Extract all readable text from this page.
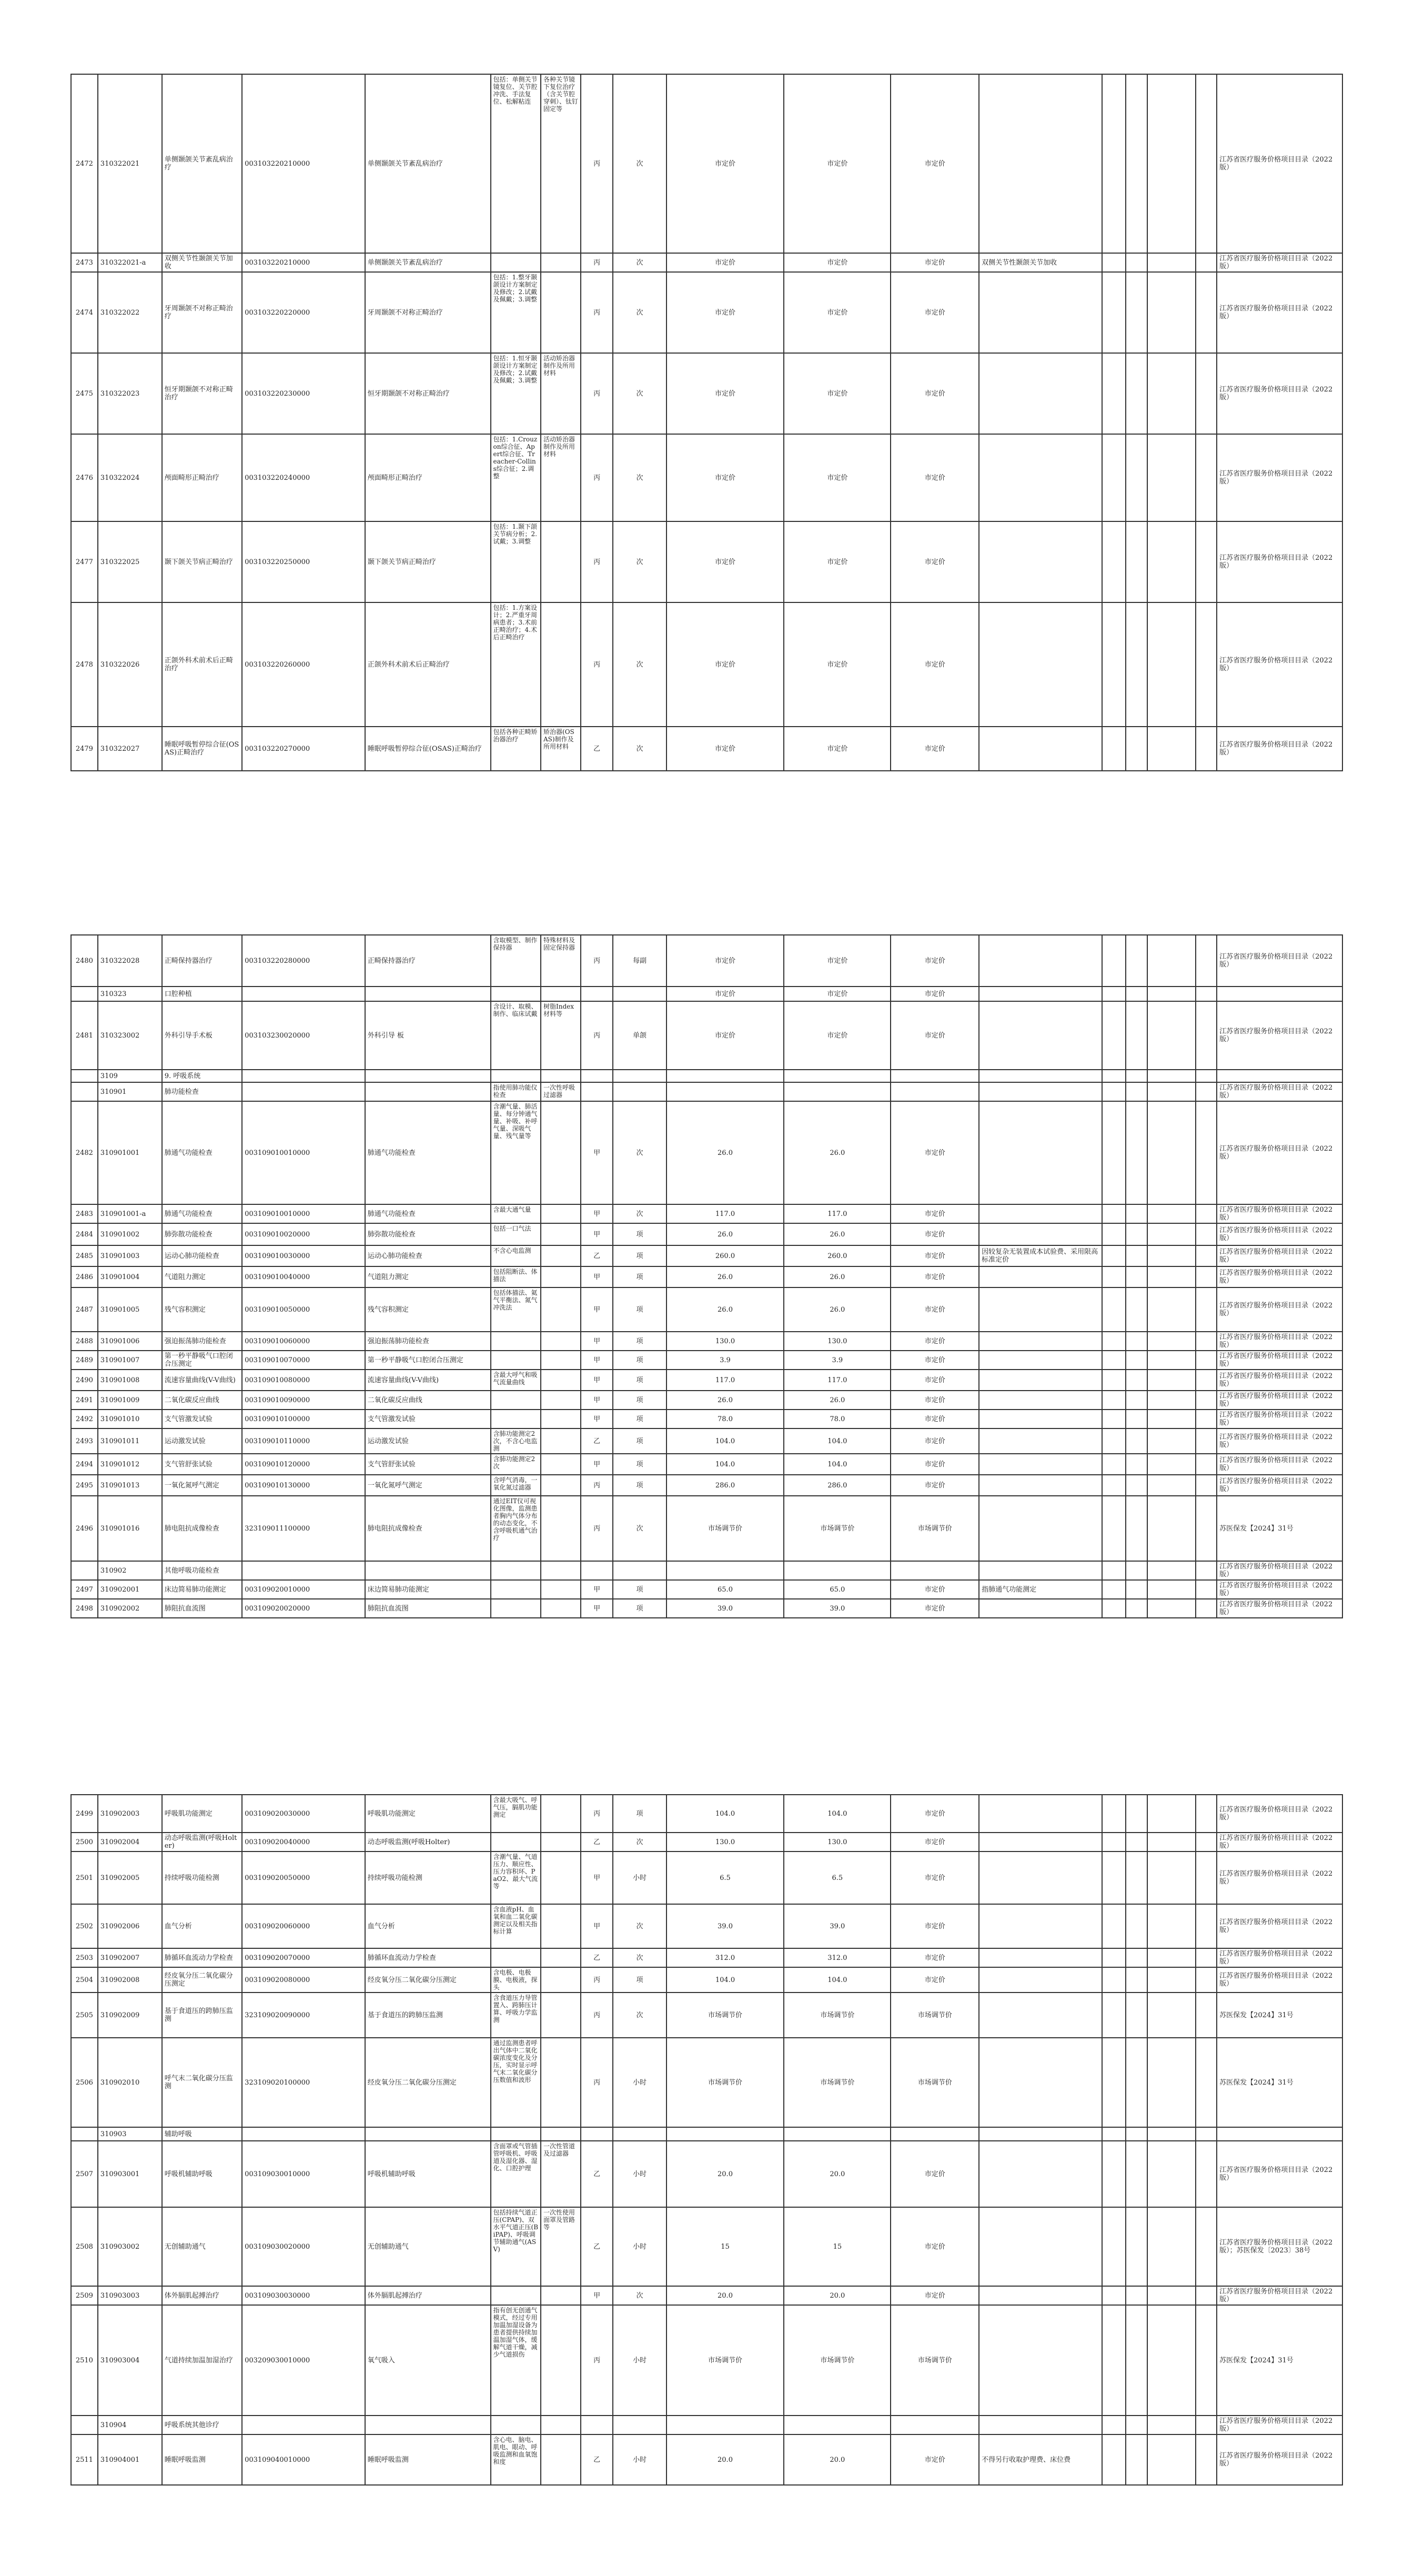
2472	310322021	单侧颞颌关节紊乱病治疗	003103220210000	单侧颞颌关节紊乱病治疗	包括：单侧关节镜复位、关节腔冲洗、手法复位、松解粘连	各种关节镜下复位治疗（含关节腔穿刺）、钛钉固定等	丙	次	市定价	市定价	市定价						江苏省医疗服务价格项目目录（2022版）
2473	310322021-a	双侧关节性颞颌关节加收	003103220210000	单侧颞颌关节紊乱病治疗			丙	次	市定价	市定价	市定价	双侧关节性颞颌关节加收					江苏省医疗服务价格项目目录（2022版）
2474	310322022	牙周颞颌不对称正畸治疗	003103220220000	牙周颞颌不对称正畸治疗	包括：1.整牙颞颌设计方案制定及修改；2.试戴及佩戴；3.调整		丙	次	市定价	市定价	市定价						江苏省医疗服务价格项目目录（2022版）
2475	310322023	恒牙期颞颌不对称正畸治疗	003103220230000	恒牙期颞颌不对称正畸治疗	包括：1.恒牙颞颌设计方案制定及修改；2.试戴及佩戴；3.调整	活动矫治器制作及所用材料	丙	次	市定价	市定价	市定价						江苏省医疗服务价格项目目录（2022版）
2476	310322024	颅面畸形正畸治疗	003103220240000	颅面畸形正畸治疗	包括：1.Crouzon综合征、Apert综合征、Treacher-Collins综合征；2.调整	活动矫治器制作及所用材料	丙	次	市定价	市定价	市定价						江苏省医疗服务价格项目目录（2022版）
2477	310322025	颞下颌关节病正畸治疗	003103220250000	颞下颌关节病正畸治疗	包括：1.颞下颌关节病分析；2.试戴；3.调整		丙	次	市定价	市定价	市定价						江苏省医疗服务价格项目目录（2022版）
2478	310322026	正颌外科术前术后正畸治疗	003103220260000	正颌外科术前术后正畸治疗	包括：1.方案设计；2.严重牙周病患者；3.术前正畸治疗；4.术后正畸治疗		丙	次	市定价	市定价	市定价						江苏省医疗服务价格项目目录（2022版）
2479	310322027	睡眠呼吸暂停综合征(OSAS)正畸治疗	003103220270000	睡眠呼吸暂停综合征(OSAS)正畸治疗	包括各种正畸矫治器治疗	矫治器(OSAS)制作及所用材料	乙	次	市定价	市定价	市定价						江苏省医疗服务价格项目目录（2022版）
2480	310322028	正畸保持器治疗	003103220280000	正畸保持器治疗	含取模型、制作保持器	特殊材料及固定保持器	丙	每副	市定价	市定价	市定价						江苏省医疗服务价格项目目录（2022版）
	310323	口腔种植							市定价	市定价	市定价						
2481	310323002	外科引导手术板	003103230020000	外科引导 板	含设计、取模、制作、临床试戴	树脂Index材料等	丙	单颌	市定价	市定价	市定价						江苏省医疗服务价格项目目录（2022版）
	3109	9. 呼吸系统															
	310901	肺功能检查			指使用肺功能仪检查	一次性呼吸过滤器											江苏省医疗服务价格项目目录（2022版）
2482	310901001	肺通气功能检查	003109010010000	肺通气功能检查	含潮气量、肺活量、每分钟通气量、补吸、补呼气量、深吸气量、残气量等		甲	次	26.0	26.0	市定价						江苏省医疗服务价格项目目录（2022版）
2483	310901001-a	肺通气功能检查	003109010010000	肺通气功能检查	含最大通气量		甲	次	117.0	117.0	市定价						江苏省医疗服务价格项目目录（2022版）
2484	310901002	肺弥散功能检查	003109010020000	肺弥散功能检查	包括一口气法		甲	项	26.0	26.0	市定价						江苏省医疗服务价格项目目录（2022版）
2485	310901003	运动心肺功能检查	003109010030000	运动心肺功能检查	不含心电监测		乙	项	260.0	260.0	市定价	因较复杂无装置成本试验费、采用限高标准定价					江苏省医疗服务价格项目目录（2022版）
2486	310901004	气道阻力测定	003109010040000	气道阻力测定	包括阻断法、体描法		甲	项	26.0	26.0	市定价						江苏省医疗服务价格项目目录（2022版）
2487	310901005	残气容积测定	003109010050000	残气容积测定	包括体描法、氦气平衡法、氮气冲洗法		甲	项	26.0	26.0	市定价						江苏省医疗服务价格项目目录（2022版）
2488	310901006	强迫振荡肺功能检查	003109010060000	强迫振荡肺功能检查			甲	项	130.0	130.0	市定价						江苏省医疗服务价格项目目录（2022版）
2489	310901007	第一秒平静吸气口腔闭合压测定	003109010070000	第一秒平静吸气口腔闭合压测定			甲	项	3.9	3.9	市定价						江苏省医疗服务价格项目目录（2022版）
2490	310901008	流速容量曲线(V-V曲线)	003109010080000	流速容量曲线(V-V曲线)	含最大呼气和吸气流量曲线		甲	项	117.0	117.0	市定价						江苏省医疗服务价格项目目录（2022版）
2491	310901009	二氧化碳反应曲线	003109010090000	二氧化碳反应曲线			甲	项	26.0	26.0	市定价						江苏省医疗服务价格项目目录（2022版）
2492	310901010	支气管激发试验	003109010100000	支气管激发试验			甲	项	78.0	78.0	市定价						江苏省医疗服务价格项目目录（2022版）
2493	310901011	运动激发试验	003109010110000	运动激发试验	含肺功能测定2次，不含心电监测		乙	项	104.0	104.0	市定价						江苏省医疗服务价格项目目录（2022版）
2494	310901012	支气管舒张试验	003109010120000	支气管舒张试验	含肺功能测定2次		甲	项	104.0	104.0	市定价						江苏省医疗服务价格项目目录（2022版）
2495	310901013	一氧化氮呼气测定	003109010130000	一氧化氮呼气测定	含呼气消毒，一氧化氮过滤器		丙	项	286.0	286.0	市定价						江苏省医疗服务价格项目目录（2022版）
2496	310901016	肺电阻抗成像检查	323109011100000	肺电阻抗成像检查	通过EIT仪可视化图像，监测患者胸内气体分布的动态变化，不含呼吸机通气治疗		丙	次	市场调节价	市场调节价	市场调节价						苏医保发【2024】31号
	310902	其他呼吸功能检查															江苏省医疗服务价格项目目录（2022版）
2497	310902001	床边简易肺功能测定	003109020010000	床边简易肺功能测定			甲	项	65.0	65.0	市定价	指肺通气功能测定					江苏省医疗服务价格项目目录（2022版）
2498	310902002	肺阻抗血流图	003109020020000	肺阻抗血流图			甲	项	39.0	39.0	市定价						江苏省医疗服务价格项目目录（2022版）
2499	310902003	呼吸肌功能测定	003109020030000	呼吸肌功能测定	含最大吸气、呼气压，膈肌功能测定		丙	项	104.0	104.0	市定价						江苏省医疗服务价格项目目录（2022版）
2500	310902004	动态呼吸监测(呼吸Holter)	003109020040000	动态呼吸监测(呼吸Holter)			乙	次	130.0	130.0	市定价						江苏省医疗服务价格项目目录（2022版）
2501	310902005	持续呼吸功能检测	003109020050000	持续呼吸功能检测	含潮气量、气道压力、顺应性、压力容积环、PaO2、最大气流等		甲	小时	6.5	6.5	市定价						江苏省医疗服务价格项目目录（2022版）
2502	310902006	血气分析	003109020060000	血气分析	含血液pH、血氧和血二氧化碳测定以及相关指标计算		甲	次	39.0	39.0	市定价						江苏省医疗服务价格项目目录（2022版）
2503	310902007	肺循环血流动力学检查	003109020070000	肺循环血流动力学检查			乙	次	312.0	312.0	市定价						江苏省医疗服务价格项目目录（2022版）
2504	310902008	经皮氧分压二氧化碳分压测定	003109020080000	经皮氧分压二氧化碳分压测定	含电极、电极膜、电极液，探头		丙	项	104.0	104.0	市定价						江苏省医疗服务价格项目目录（2022版）
2505	310902009	基于食道压的跨肺压监测	323109020090000	基于食道压的跨肺压监测	含食道压力导管置入、跨肺压计算、呼吸力学监测		丙	次	市场调节价	市场调节价	市场调节价						苏医保发【2024】31号
2506	310902010	呼气末二氧化碳分压监测	323109020100000	经皮氧分压二氧化碳分压测定	通过监测患者呼出气体中二氧化碳浓度变化及分压，实时显示呼气末二氧化碳分压数值和波形		丙	小时	市场调节价	市场调节价	市场调节价						苏医保发【2024】31号
	310903	辅助呼吸															
2507	310903001	呼吸机辅助呼吸	003109030010000	呼吸机辅助呼吸	含面罩或气管插管呼吸机、呼吸道及湿化器、湿化、口腔护理	一次性管道及过滤器	乙	小时	20.0	20.0	市定价						江苏省医疗服务价格项目目录（2022版）
2508	310903002	无创辅助通气	003109030020000	无创辅助通气	包括持续气道正压(CPAP)、双水平气道正压(BiPAP)、呼吸调节辅助通气(ASV)	一次性使用面罩及管路等	乙	小时	15	15	市定价						江苏省医疗服务价格项目目录（2022版）；苏医保发〔2023〕38号
2509	310903003	体外膈肌起搏治疗	003109030030000	体外膈肌起搏治疗			甲	次	20.0	20.0	市定价						江苏省医疗服务价格项目目录（2022版）
2510	310903004	气道持续加温加湿治疗	003209030010000	氧气吸入	指有创无创通气模式，经过专用加温加湿设备为患者提供持续加温加湿气体，缓解气道干燥，减少气道损伤		丙	小时	市场调节价	市场调节价	市场调节价						苏医保发【2024】31号
	310904	呼吸系统其他诊疗															江苏省医疗服务价格项目目录（2022版）
2511	310904001	睡眠呼吸监测	003109040010000	睡眠呼吸监测	含心电、脑电、肌电、眼动、呼吸监测和血氧饱和度		乙	小时	20.0	20.0	市定价	不得另行收取护理费、床位费					江苏省医疗服务价格项目目录（2022版）
